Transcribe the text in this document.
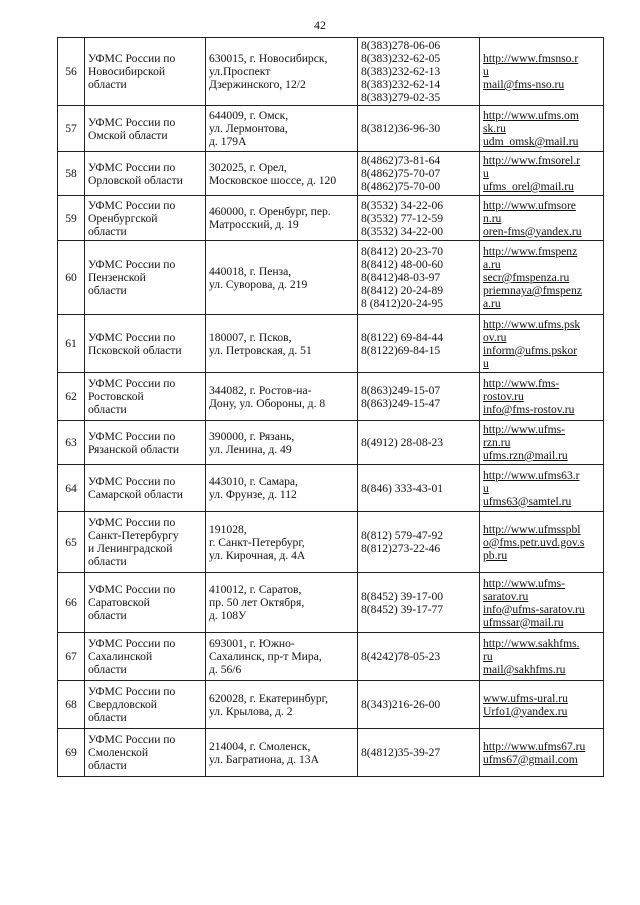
42
56	УФМС России по
Новосибирской
области	630015, г. Новосибирск,
ул.Проспект
Дзержинского, 12/2	8(383)278-06-06
8(383)232-62-05
8(383)232-62-13
8(383)232-62-14
8(383)279-02-35	http://www.fmsnso.r
u
mail@fms-nso.ru
57	УФМС России по
Омской области	644009, г. Омск,
ул. Лермонтова,
д. 179А	8(3812)36-96-30	http://www.ufms.om
sk.ru
udm_omsk@mail.ru
58	УФМС России по
Орловской области	302025, г. Орел,
Московское шоссе, д. 120	8(4862)73-81-64
8(4862)75-70-07
8(4862)75-70-00	http://www.fmsorel.r
u
ufms_orel@mail.ru
59	УФМС России по
Оренбургской
области	460000, г. Оренбург, пер.
Матросский, д. 19	8(3532) 34-22-06
8(3532) 77-12-59
8(3532) 34-22-00	http://www.ufmsore
n.ru
oren-fms@yandex.ru
60	УФМС России по
Пензенской
области	440018, г. Пенза,
ул. Суворова, д. 219	8(8412) 20-23-70
8(8412) 48-00-60
8(8412)48-03-97
8(8412) 20-24-89
8 (8412)20-24-95	http://www.fmspenz
a.ru
secr@fmspenza.ru
priemnaya@fmspenz
a.ru
61	УФМС России по
Псковской области	180007, г. Псков,
ул. Петровская, д. 51	8(8122) 69-84-44
8(8122)69-84-15	http://www.ufms.psk
ov.ru
inform@ufms.pskor
u
62	УФМС России по
Ростовской
области	344082, г. Ростов-на-
Дону, ул. Обороны, д. 8	8(863)249-15-07
8(863)249-15-47	http://www.fms-
rostov.ru
info@fms-rostov.ru
63	УФМС России по
Рязанской области	390000, г. Рязань,
ул. Ленина, д. 49	8(4912) 28-08-23	http://www.ufms-
rzn.ru
ufms.rzn@mail.ru
64	УФМС России по
Самарской области	443010, г. Самара,
ул. Фрунзе, д. 112	8(846) 333-43-01	http://www.ufms63.r
u
ufms63@samtel.ru
65	УФМС России по
Санкт-Петербургу
и Ленинградской
области	191028,
г. Санкт-Петербург,
ул. Кирочная, д. 4А	8(812) 579-47-92
8(812)273-22-46	http://www.ufmsspbl
o@fms.petr.uvd.gov.s
pb.ru
66	УФМС России по
Саратовской
области	410012, г. Саратов,
пр. 50 лет Октября,
д. 108У	8(8452) 39-17-00
8(8452) 39-17-77	http://www.ufms-
saratov.ru
info@ufms-saratov.ru
ufmssar@mail.ru
67	УФМС России по
Сахалинской
области	693001, г. Южно-
Сахалинск, пр-т Мира,
д. 56/6	8(4242)78-05-23	http://www.sakhfms.
ru
mail@sakhfms.ru
68	УФМС России по
Свердловской
области	620028, г. Екатеринбург,
ул. Крылова, д. 2	8(343)216-26-00	www.ufms-ural.ru
Urfo1@yandex.ru
69	УФМС России по
Смоленской
области	214004, г. Смоленск,
ул. Багратиона, д. 13А	8(4812)35-39-27	http://www.ufms67.ru
ufms67@gmail.com
